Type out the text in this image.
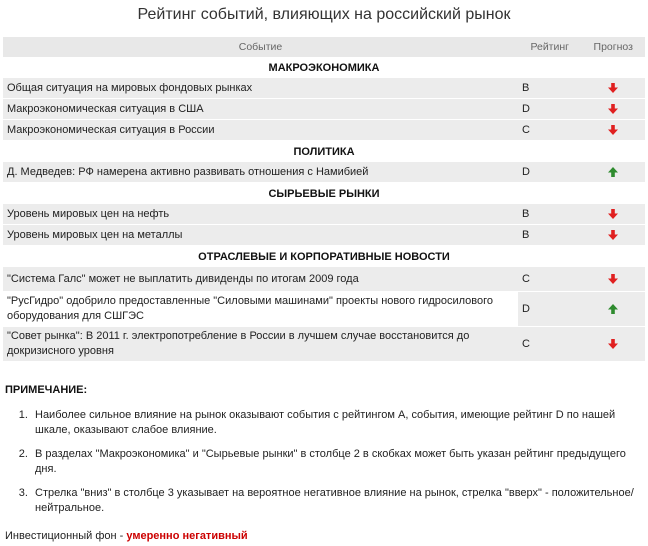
Рейтинг событий, влияющих на российский рынок
Событие	Рейтинг	Прогноз
МАКРОЭКОНОМИКА		
Общая ситуация на мировых фондовых рынках	B	
Макроэкономическая ситуация в США	D	
Макроэкономическая ситуация в России	C	
ПОЛИТИКА		
Д. Медведев: РФ намерена активно развивать отношения с Намибией	D	
СЫРЬЕВЫЕ РЫНКИ		
Уровень мировых цен на нефть	B	
Уровень мировых цен на металлы	B	
ОТРАСЛЕВЫЕ И КОРПОРАТИВНЫЕ НОВОСТИ		
"Система Галс" может не выплатить дивиденды по итогам 2009 года	C	
"РусГидро" одобрило предоставленные "Силовыми машинами" проекты нового гидросилового оборудования для СШГЭС	D	
"Совет рынка": В 2011 г. электропотребление в России в лучшем случае восстановится до докризисного уровня	C	
ПРИМЕЧАНИЕ:
1. Наиболее сильное влияние на рынок оказывают события с рейтингом А, события, имеющие рейтинг D по нашей шкале, оказывают слабое влияние.
2. В разделах "Макроэкономика" и "Сырьевые рынки" в столбце 2 в скобках может быть указан рейтинг предыдущего дня.
3. Стрелка "вниз" в столбце 3 указывает на вероятное негативное влияние на рынок, стрелка "вверх" - положительное/нейтральное.
Инвестиционный фон - умеренно негативный
